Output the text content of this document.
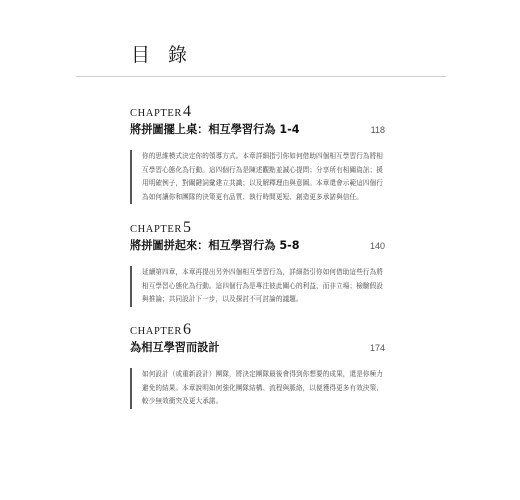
目 錄
CHAPTER4
將拼圖擺上桌：相互學習行為 1-4	118
你的思維模式決定你的領導方式。本章詳細指引你如何借助四個相互學習行為將相互學習心態化為行動。這四個行為是陳述觀點並誠心提問；分享所有相關資訊；援用明確例子，對關鍵詞彙建立共識；以及解釋理由與意圖。本章還會示範這四個行為如何讓你和團隊的決策更有品質、執行時間更短、創造更多承諾與信任。
CHAPTER5
將拼圖拼起來：相互學習行為 5-8	140
延續第四章，本章再提出另外四個相互學習行為，詳細指引你如何借助這些行為將相互學習心態化為行動。這四個行為是專注彼此關心的利益，而非立場；檢驗假設與推論；共同設計下一步，以及探討不可討論的議題。
CHAPTER6
為相互學習而設計	174
如何設計（或重新設計）團隊，將決定團隊最後會得到你想要的成果，還是你極力避免的結果。本章說明如何強化團隊結構、流程與脈絡，以便獲得更多有效決策、較少無效衝突及更大承諾。
